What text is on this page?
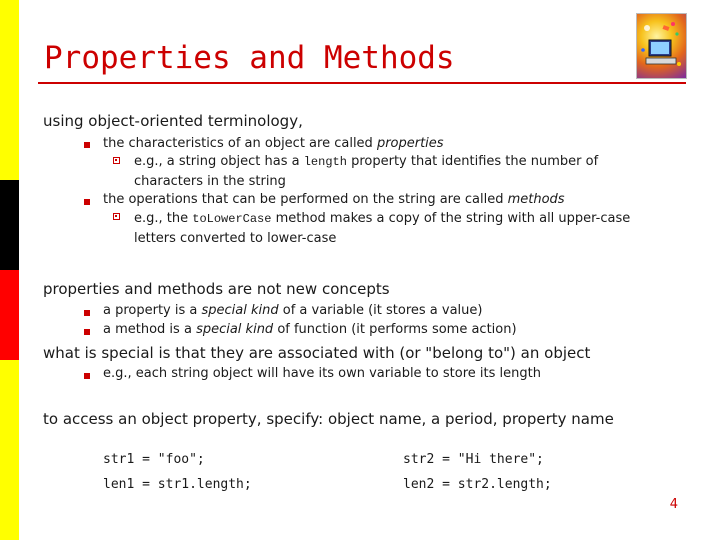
Properties and Methods
using object-oriented terminology,
the characteristics of an object are called properties
e.g., a string object has a length property that identifies the number of characters in the string
the operations that can be performed on the string are called methods
e.g., the toLowerCase method makes a copy of the string with all upper-case letters converted to lower-case
properties and methods are not new concepts
a property is a special kind of a variable (it stores a value)
a method is a special kind of function (it performs some action)
what is special is that they are associated with (or "belong to") an object
e.g., each string object will have its own variable to store its length
to access an object property, specify: object name, a period, property name
str1 = "foo";	str2 = "Hi there";
len1 = str1.length;	len2 = str2.length;
4
